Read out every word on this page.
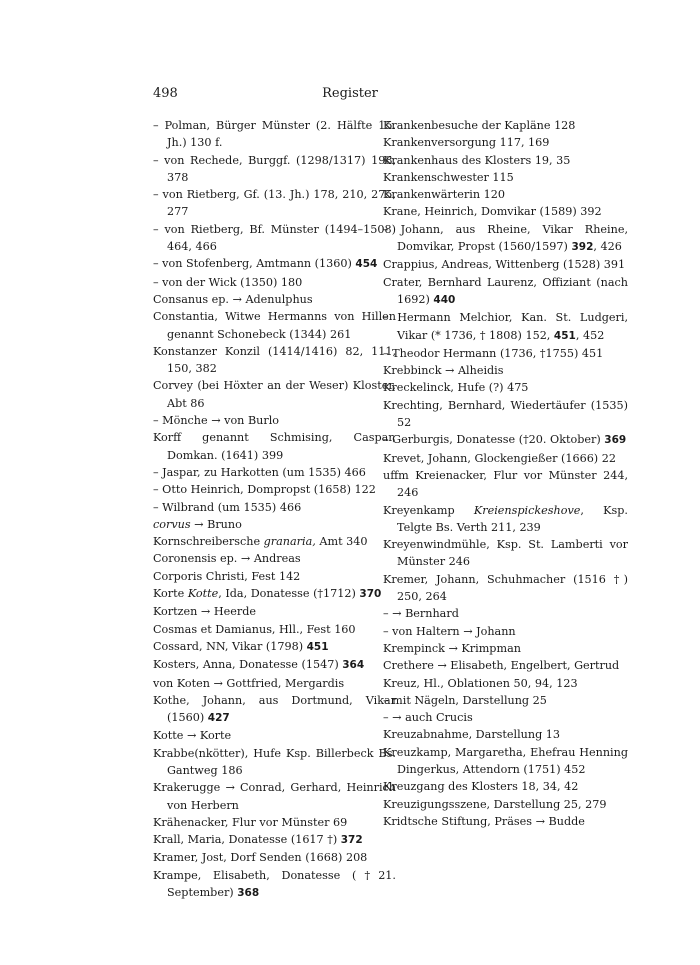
498	Register

– Polman, Bürger Münster (2. Hälfte 15. Jh.) 130 f.

– von Rechede, Burggf. (1298/1317) 198, 378

– von Rietberg, Gf. (13. Jh.) 178, 210, 275, 277

– von Rietberg, Bf. Münster (1494–1508) 464, 466

– von Stofenberg, Amtmann (1360) 454

– von der Wick (1350) 180

Consanus ep. → Adenulphus

Constantia, Witwe Hermanns von Hillen genannt Schonebeck (1344) 261

Konstanzer Konzil (1414/1416) 82, 111, 150, 382

Corvey (bei Höxter an der Weser) Kloster, Abt 86

– Mönche → von Burlo

Korff genannt Schmising, Caspar, Domkan. (1641) 399

– Jaspar, zu Harkotten (um 1535) 466

– Otto Heinrich, Dompropst (1658) 122

– Wilbrand (um 1535) 466

corvus → Bruno

Kornschreibersche granaria, Amt 340

Coronensis ep. → Andreas

Corporis Christi, Fest 142

Korte Kotte, Ida, Donatesse (†1712) 370

Kortzen → Heerde

Cosmas et Damianus, Hll., Fest 160

Cossard, NN, Vikar (1798) 451

Kosters, Anna, Donatesse (1547) 364

von Koten → Gottfried, Mergardis

Kothe, Johann, aus Dortmund, Vikar (1560) 427

Kotte → Korte

Krabbe(nkötter), Hufe Ksp. Billerbeck Bs. Gantweg 186

Krakerugge → Conrad, Gerhard, Heinrich von Herbern

Krähenacker, Flur vor Münster 69

Krall, Maria, Donatesse (1617 †) 372

Kramer, Jost, Dorf Senden (1668) 208

Krampe, Elisabeth, Donatesse (†21. September) 368

Krankenbesuche der Kapläne 128

Krankenversorgung 117, 169

Krankenhaus des Klosters 19, 35

Krankenschwester 115

Krankenwärterin 120

Krane, Heinrich, Domvikar (1589) 392

– Johann, aus Rheine, Vikar Rheine, Domvikar, Propst (1560/1597) 392, 426

Crappius, Andreas, Wittenberg (1528) 391

Crater, Bernhard Laurenz, Offiziant (nach 1692) 440

– Hermann Melchior, Kan. St. Ludgeri, Vikar (* 1736, † 1808) 152, 451, 452

– Theodor Hermann (1736, †1755) 451

Krebbinck → Alheidis

Kreckelinck, Hufe (?) 475

Krechting, Bernhard, Wiedertäufer (1535) 52

– Gerburgis, Donatesse (†20. Oktober) 369

Krevet, Johann, Glockengießer (1666) 22

uffm Kreienacker, Flur vor Münster 244, 246

Kreyenkamp Kreienspickeshove, Ksp. Telgte Bs. Verth 211, 239

Kreyenwindmühle, Ksp. St. Lamberti vor Münster 246

Kremer, Johann, Schuhmacher (1516 †) 250, 264

– → Bernhard

– von Haltern → Johann

Krempinck → Krimpman

Crethere → Elisabeth, Engelbert, Gertrud

Kreuz, Hl., Oblationen 50, 94, 123

– mit Nägeln, Darstellung 25

– → auch Crucis

Kreuzabnahme, Darstellung 13

Kreuzkamp, Margaretha, Ehefrau Henning Dingerkus, Attendorn (1751) 452

Kreuzgang des Klosters 18, 34, 42

Kreuzigungsszene, Darstellung 25, 279

Kridtsche Stiftung, Präses → Budde
